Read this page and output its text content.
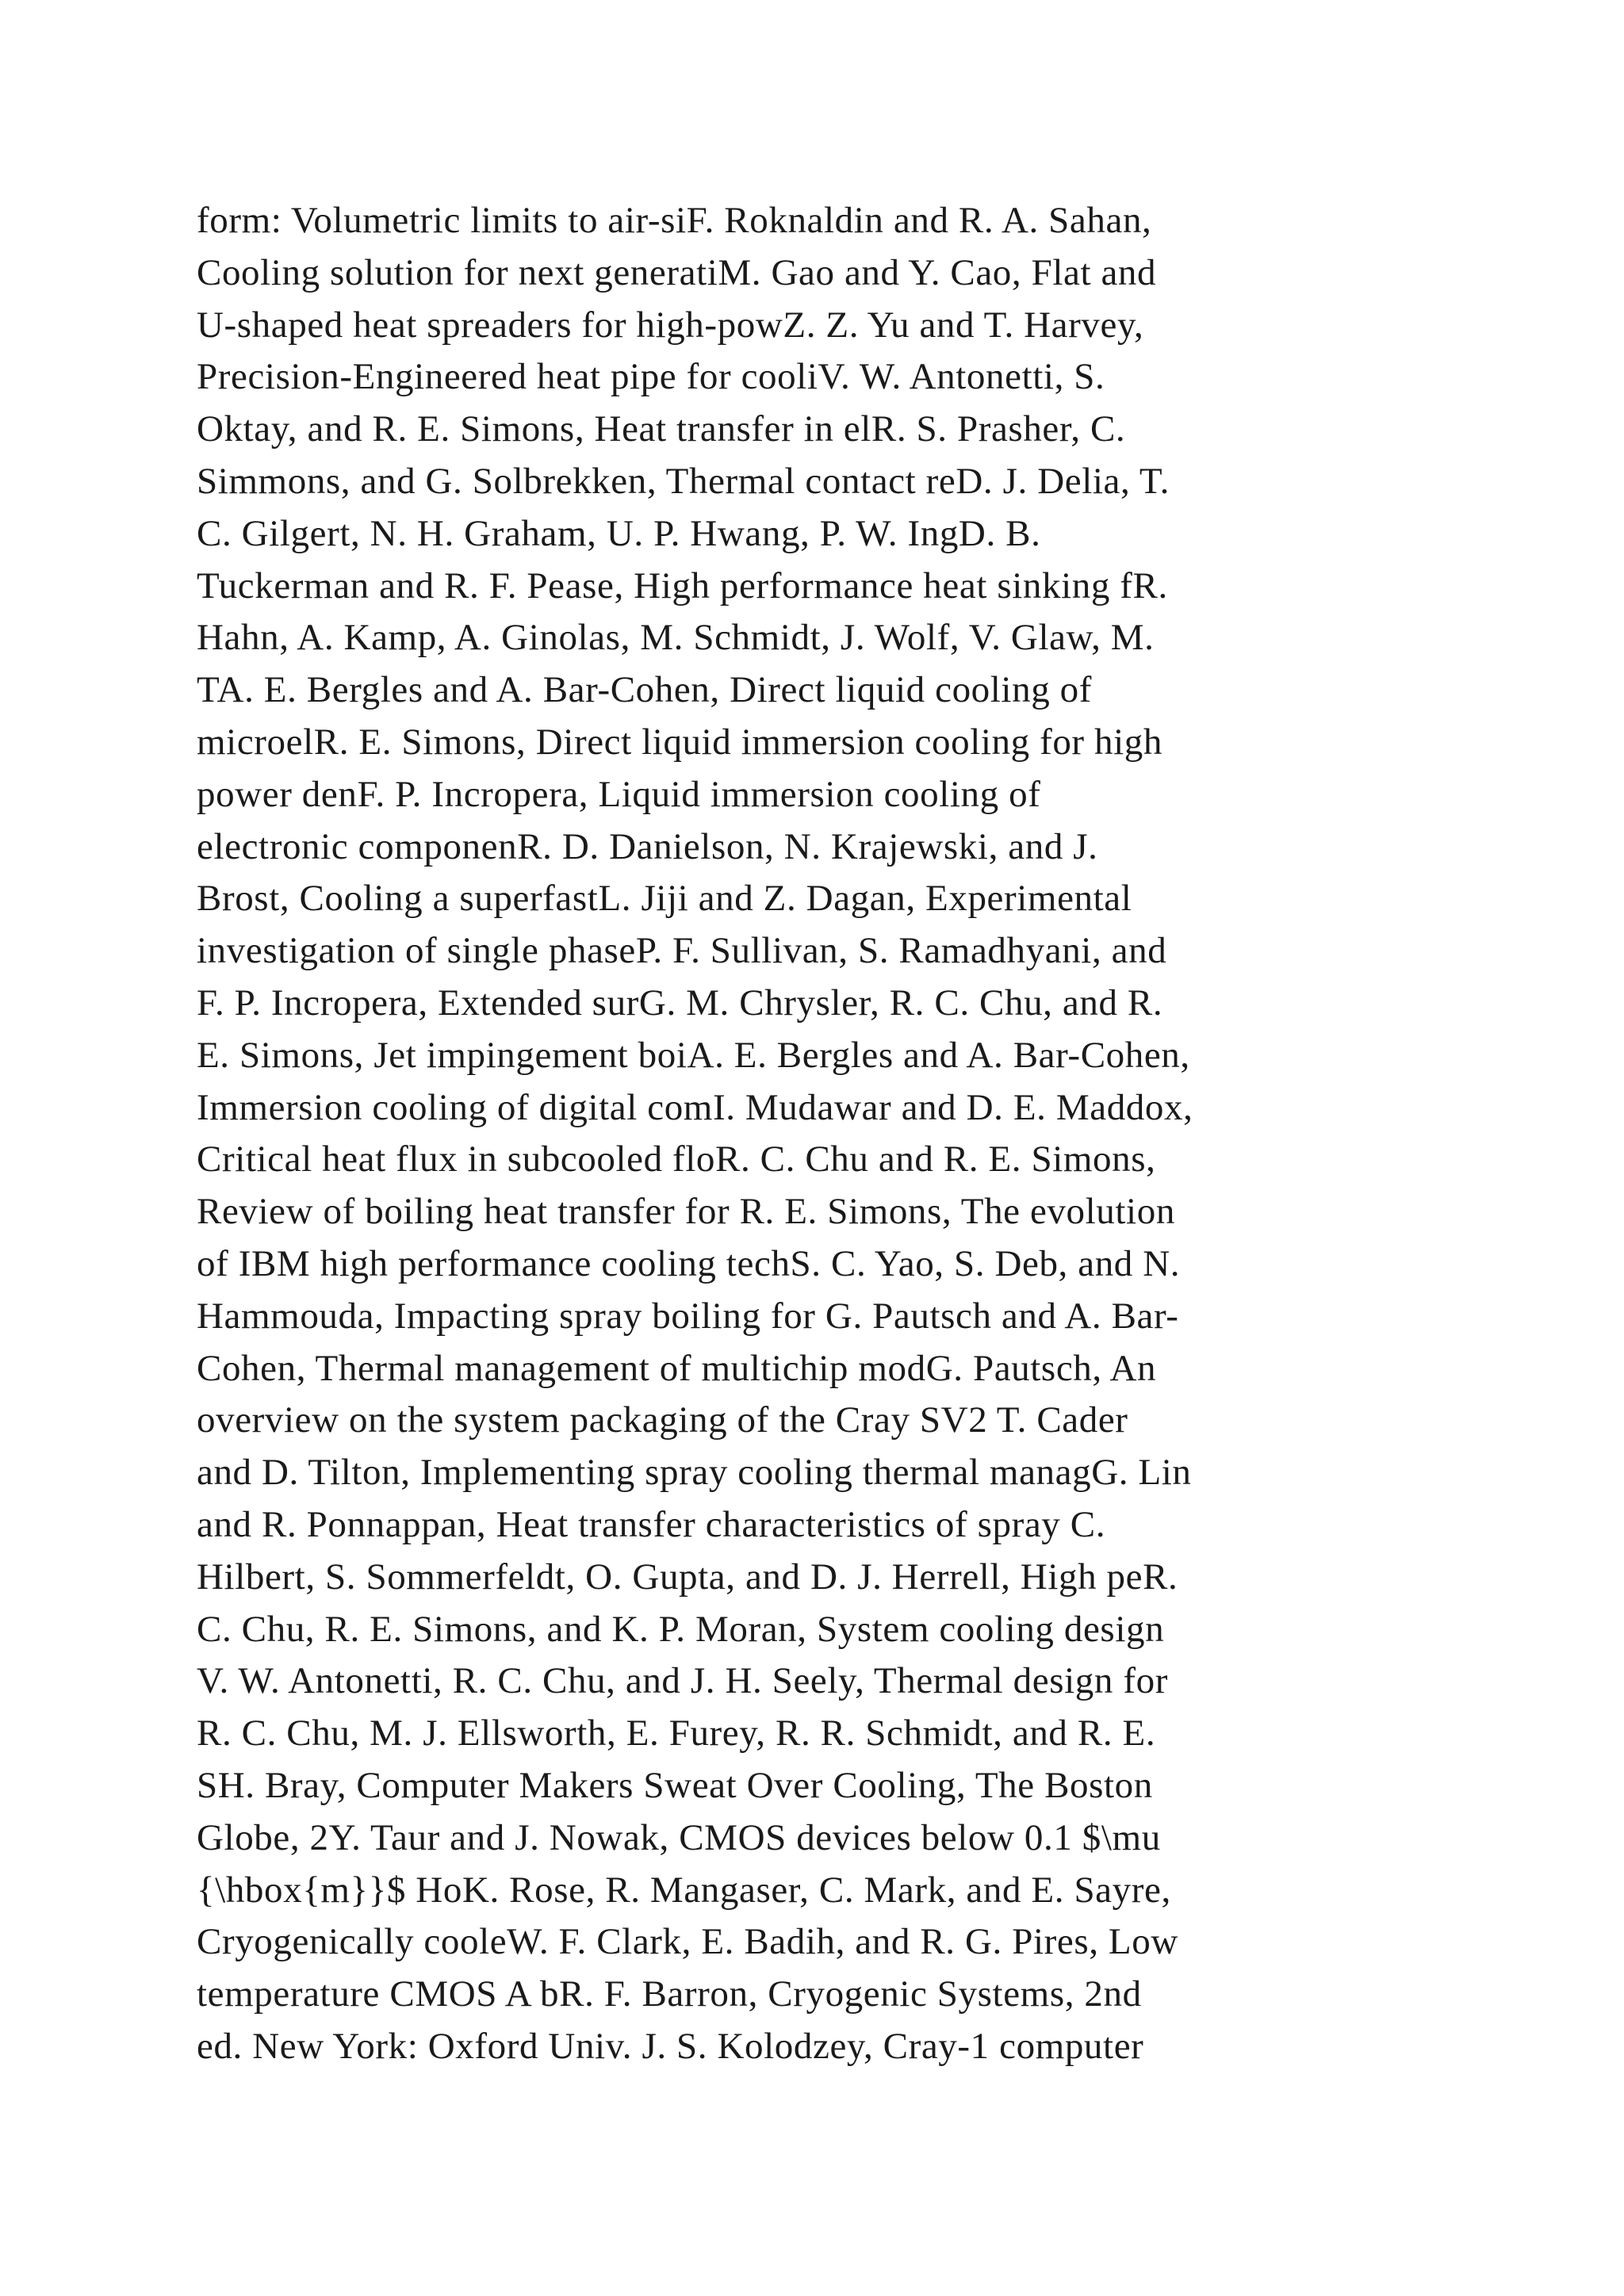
form: Volumetric limits to air-siF. Roknaldin and R. A. Sahan,
Cooling solution for next generatiM. Gao and Y. Cao, Flat and
U-shaped heat spreaders for high-powZ. Z. Yu and T. Harvey,
Precision-Engineered heat pipe for cooliV. W. Antonetti, S.
Oktay, and R. E. Simons, Heat transfer in elR. S. Prasher, C.
Simmons, and G. Solbrekken, Thermal contact reD. J. Delia, T.
C. Gilgert, N. H. Graham, U. P. Hwang, P. W. IngD. B.
Tuckerman and R. F. Pease, High performance heat sinking fR.
Hahn, A. Kamp, A. Ginolas, M. Schmidt, J. Wolf, V. Glaw, M.
TA. E. Bergles and A. Bar-Cohen, Direct liquid cooling of
microelR. E. Simons, Direct liquid immersion cooling for high
power denF. P. Incropera, Liquid immersion cooling of
electronic componenR. D. Danielson, N. Krajewski, and J.
Brost, Cooling a superfastL. Jiji and Z. Dagan, Experimental
investigation of single phaseP. F. Sullivan, S. Ramadhyani, and
F. P. Incropera, Extended surG. M. Chrysler, R. C. Chu, and R.
E. Simons, Jet impingement boiA. E. Bergles and A. Bar-Cohen,
Immersion cooling of digital comI. Mudawar and D. E. Maddox,
Critical heat flux in subcooled floR. C. Chu and R. E. Simons,
Review of boiling heat transfer for R. E. Simons, The evolution
of IBM high performance cooling techS. C. Yao, S. Deb, and N.
Hammouda, Impacting spray boiling for G. Pautsch and A. Bar-
Cohen, Thermal management of multichip modG. Pautsch, An
overview on the system packaging of the Cray SV2 T. Cader
and D. Tilton, Implementing spray cooling thermal managG. Lin
and R. Ponnappan, Heat transfer characteristics of spray C.
Hilbert, S. Sommerfeldt, O. Gupta, and D. J. Herrell, High peR.
C. Chu, R. E. Simons, and K. P. Moran, System cooling design
V. W. Antonetti, R. C. Chu, and J. H. Seely, Thermal design for
R. C. Chu, M. J. Ellsworth, E. Furey, R. R. Schmidt, and R. E.
SH. Bray, Computer Makers Sweat Over Cooling, The Boston
Globe, 2Y. Taur and J. Nowak, CMOS devices below 0.1 $\mu
{\hbox{m}}$ HoK. Rose, R. Mangaser, C. Mark, and E. Sayre,
Cryogenically cooleW. F. Clark, E. Badih, and R. G. Pires, Low
temperature CMOS A bR. F. Barron, Cryogenic Systems, 2nd
ed. New York: Oxford Univ. J. S. Kolodzey, Cray-1 computer
